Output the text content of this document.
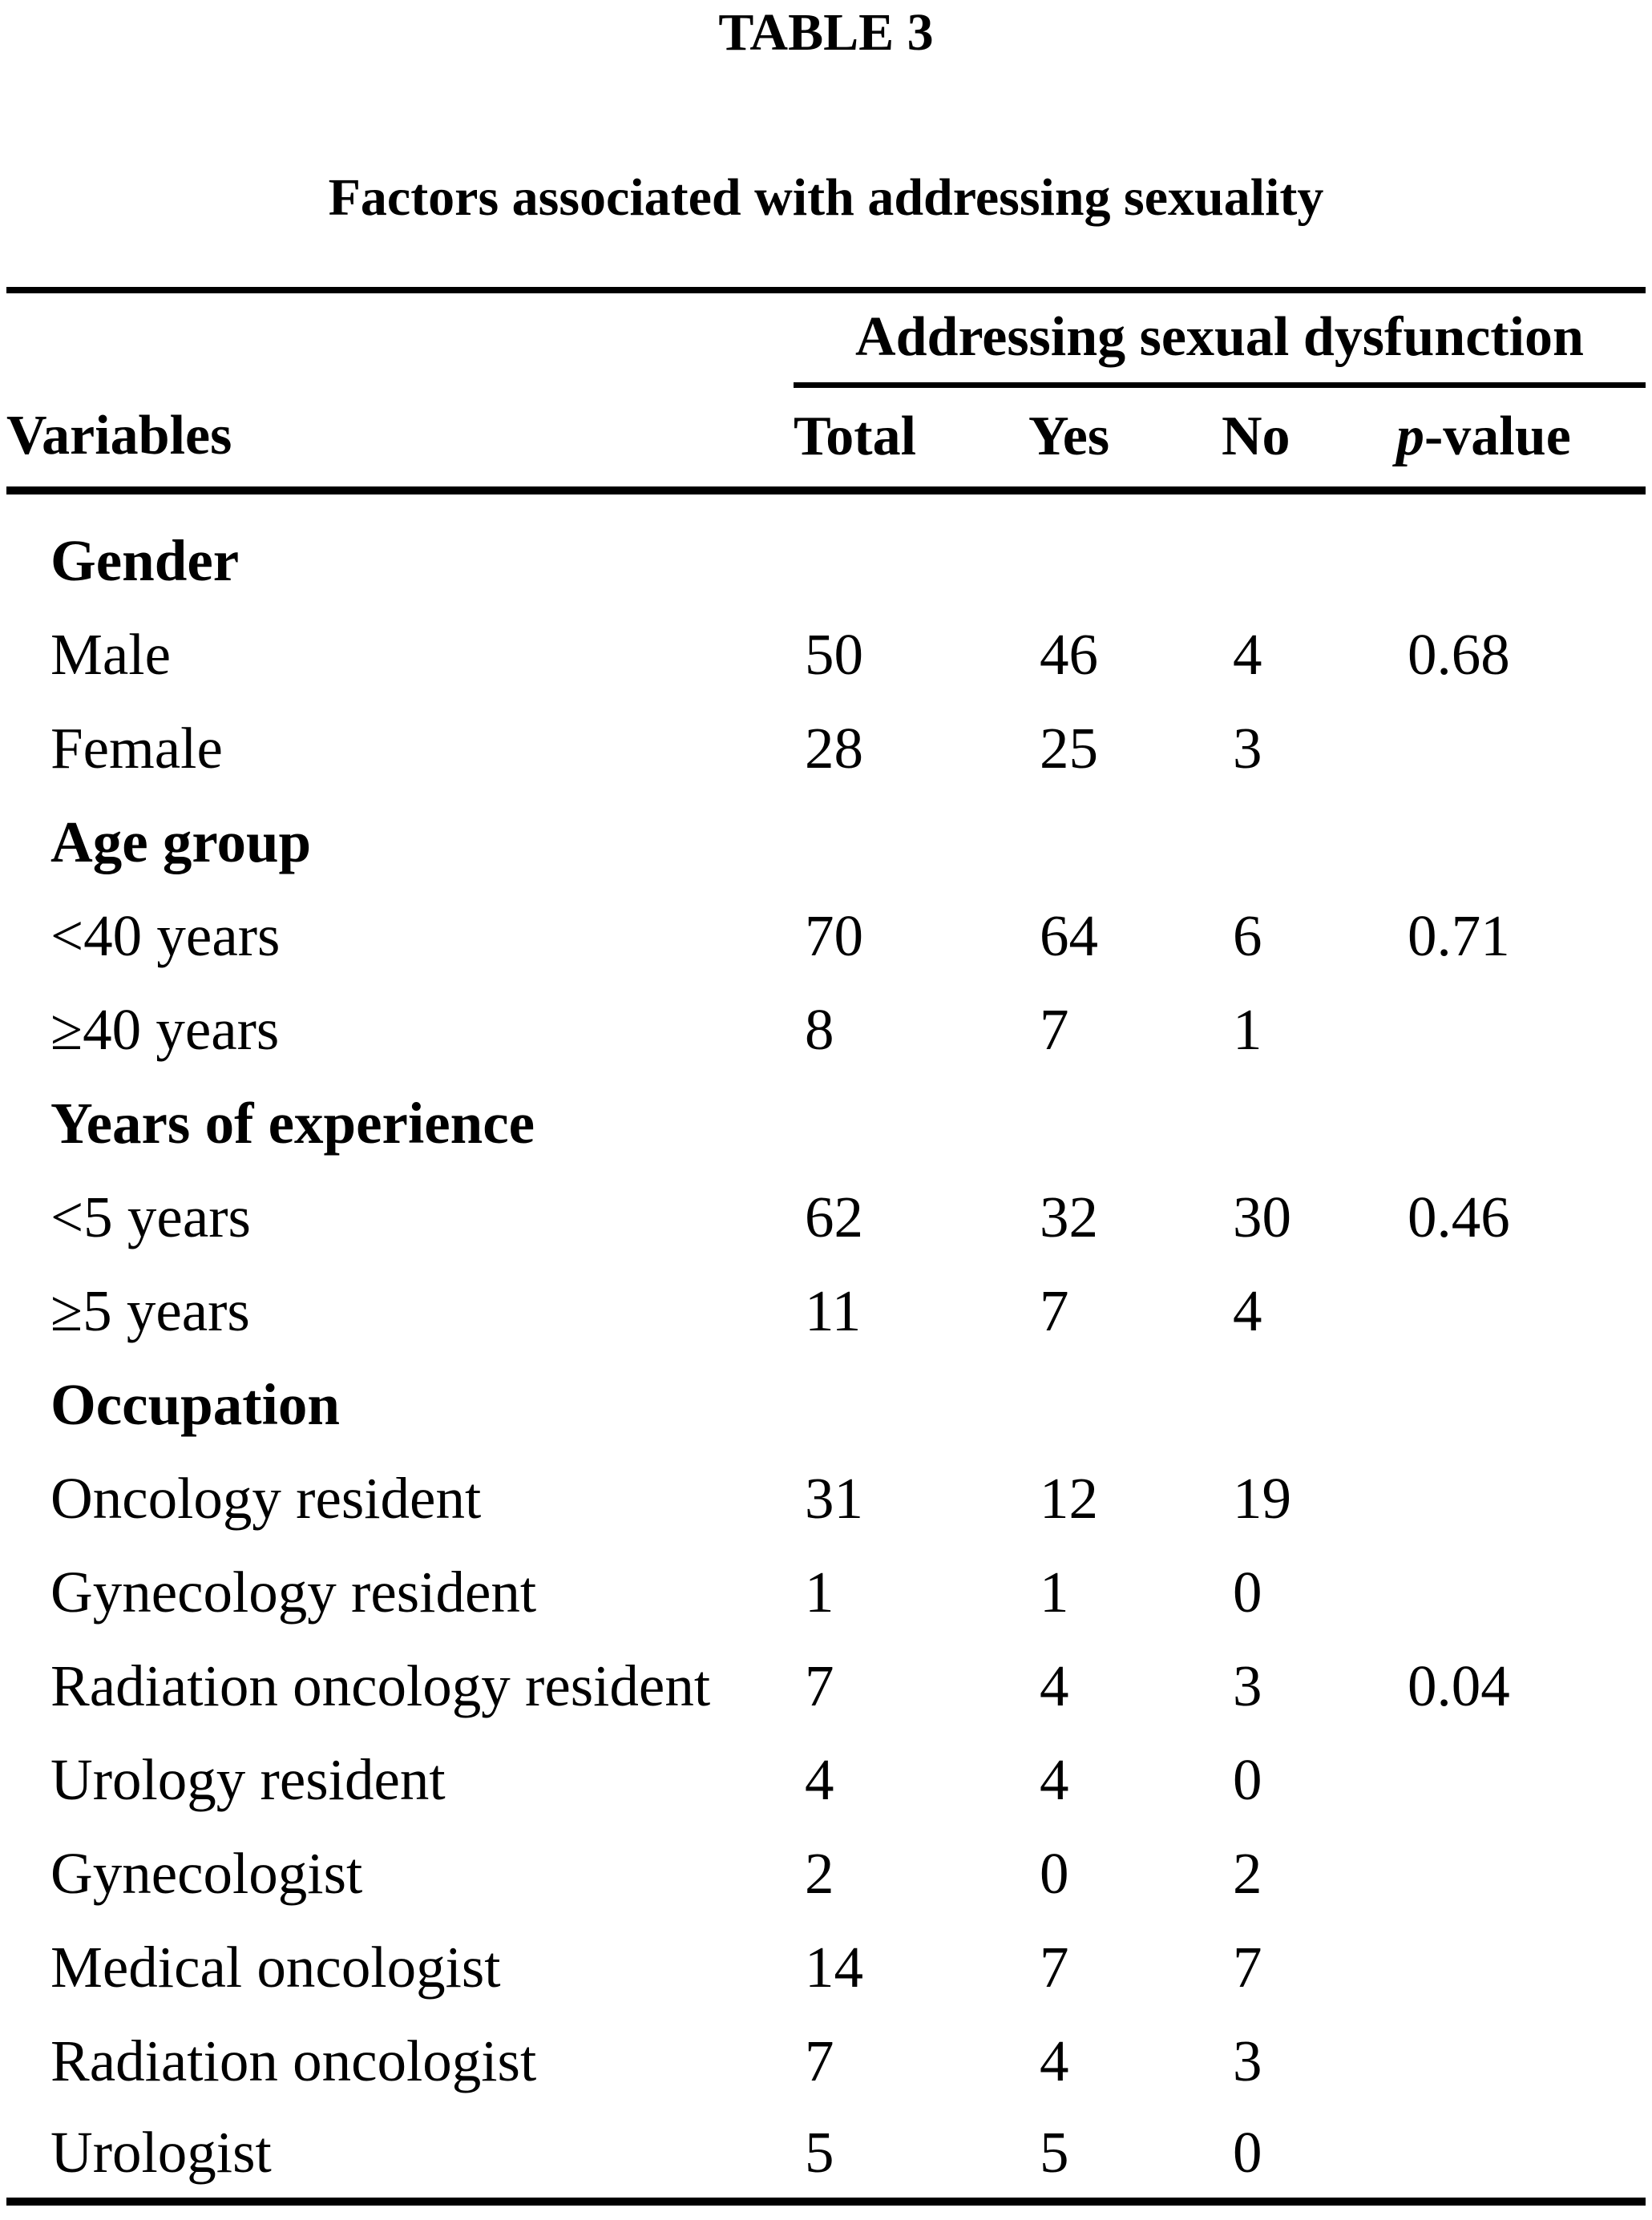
TABLE 3
Factors associated with addressing sexuality
	Addressing sexual dysfunction			
Variables	Total	Yes	No	p-value
Gender				
Male	50	46	4	0.68
Female	28	25	3	
Age group				
<40 years	70	64	6	0.71
≥40 years	8	7	1	
Years of experience				
<5 years	62	32	30	0.46
≥5 years	11	7	4	
Occupation				
Oncology resident	31	12	19	
Gynecology resident	1	1	0	
Radiation oncology resident	7	4	3	0.04
Urology resident	4	4	0	
Gynecologist	2	0	2	
Medical oncologist	14	7	7	
Radiation oncologist	7	4	3	
Urologist	5	5	0	
